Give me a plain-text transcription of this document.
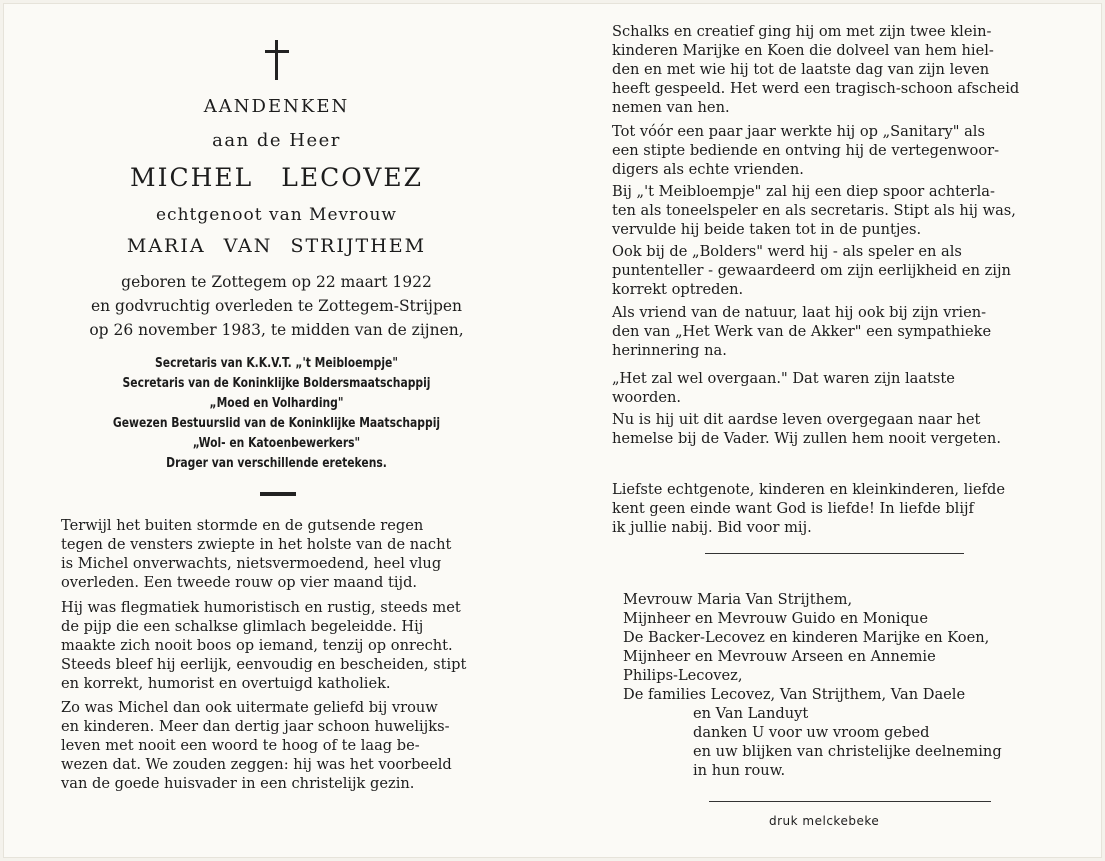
AANDENKEN
aan de Heer
MICHEL LECOVEZ
echtgenoot van Mevrouw
MARIA VAN STRIJTHEM
geboren te Zottegem op 22 maart 1922
en godvruchtig overleden te Zottegem-Strijpen
op 26 november 1983, te midden van de zijnen,
Secretaris van K.K.V.T. „'t Meibloempje"
Secretaris van de Koninklijke Boldersmaatschappij
„Moed en Volharding"
Gewezen Bestuurslid van de Koninklijke Maatschappij
„Wol- en Katoenbewerkers"
Drager van verschillende eretekens.
Terwijl het buiten stormde en de gutsende regen
tegen de vensters zwiepte in het holste van de nacht
is Michel onverwachts, nietsvermoedend, heel vlug
overleden. Een tweede rouw op vier maand tijd.
Hij was flegmatiek humoristisch en rustig, steeds met
de pijp die een schalkse glimlach begeleidde. Hij
maakte zich nooit boos op iemand, tenzij op onrecht.
Steeds bleef hij eerlijk, eenvoudig en bescheiden, stipt
en korrekt, humorist en overtuigd katholiek.
Zo was Michel dan ook uitermate geliefd bij vrouw
en kinderen. Meer dan dertig jaar schoon huwelijks-
leven met nooit een woord te hoog of te laag be-
wezen dat. We zouden zeggen: hij was het voorbeeld
van de goede huisvader in een christelijk gezin.
Schalks en creatief ging hij om met zijn twee klein-
kinderen Marijke en Koen die dolveel van hem hiel-
den en met wie hij tot de laatste dag van zijn leven
heeft gespeeld. Het werd een tragisch-schoon afscheid
nemen van hen.
Tot vóór een paar jaar werkte hij op „Sanitary" als
een stipte bediende en ontving hij de vertegenwoor-
digers als echte vrienden.
Bij „'t Meibloempje" zal hij een diep spoor achterla-
ten als toneelspeler en als secretaris. Stipt als hij was,
vervulde hij beide taken tot in de puntjes.
Ook bij de „Bolders" werd hij - als speler en als
puntenteller - gewaardeerd om zijn eerlijkheid en zijn
korrekt optreden.
Als vriend van de natuur, laat hij ook bij zijn vrien-
den van „Het Werk van de Akker" een sympathieke
herinnering na.
„Het zal wel overgaan." Dat waren zijn laatste
woorden.
Nu is hij uit dit aardse leven overgegaan naar het
hemelse bij de Vader. Wij zullen hem nooit vergeten.
Liefste echtgenote, kinderen en kleinkinderen, liefde
kent geen einde want God is liefde! In liefde blijf
ik jullie nabij. Bid voor mij.
Mevrouw Maria Van Strijthem,
Mijnheer en Mevrouw Guido en Monique
De Backer-Lecovez en kinderen Marijke en Koen,
Mijnheer en Mevrouw Arseen en Annemie
Philips-Lecovez,
De families Lecovez, Van Strijthem, Van Daele
en Van Landuyt
danken U voor uw vroom gebed
en uw blijken van christelijke deelneming
in hun rouw.
druk melckebeke
